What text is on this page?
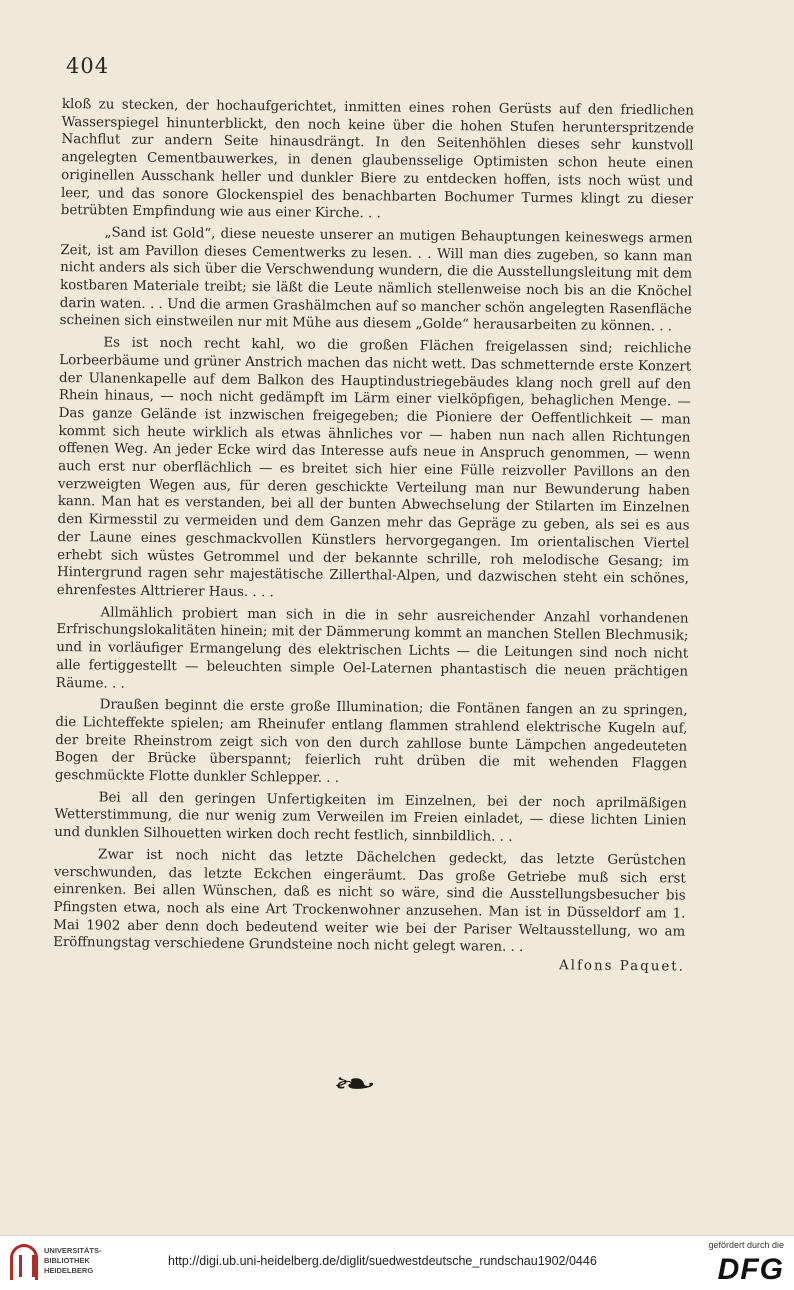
404

kloß zu stecken, der hochaufgerichtet, inmitten eines rohen Gerüsts auf den friedlichen Wasserspiegel hinunterblickt, den noch keine über die hohen Stufen herunterspritzende Nachflut zur andern Seite hinausdrängt. In den Seitenhöhlen dieses sehr kunstvoll angelegten Cementbauwerkes, in denen glaubensselige Optimisten schon heute einen originellen Ausschank heller und dunkler Biere zu entdecken hoffen, ists noch wüst und leer, und das sonore Glockenspiel des benachbarten Bochumer Turmes klingt zu dieser betrübten Empfindung wie aus einer Kirche. . .

„Sand ist Gold“, diese neueste unserer an mutigen Behauptungen keineswegs armen Zeit, ist am Pavillon dieses Cementwerks zu lesen. . . Will man dies zugeben, so kann man nicht anders als sich über die Verschwendung wundern, die die Ausstellungsleitung mit dem kostbaren Materiale treibt; sie läßt die Leute nämlich stellenweise noch bis an die Knöchel darin waten. . . Und die armen Grashälmchen auf so mancher schön angelegten Rasenfläche scheinen sich einstweilen nur mit Mühe aus diesem „Golde“ herausarbeiten zu können. . .

Es ist noch recht kahl, wo die großen Flächen freigelassen sind; reichliche Lorbeerbäume und grüner Anstrich machen das nicht wett. Das schmetternde erste Konzert der Ulanenkapelle auf dem Balkon des Hauptindustriegebäudes klang noch grell auf den Rhein hinaus, — noch nicht gedämpft im Lärm einer vielköpfigen, behaglichen Menge. — Das ganze Gelände ist inzwischen freigegeben; die Pioniere der Oeffentlichkeit — man kommt sich heute wirklich als etwas ähnliches vor — haben nun nach allen Richtungen offenen Weg. An jeder Ecke wird das Interesse aufs neue in Anspruch genommen, — wenn auch erst nur oberflächlich — es breitet sich hier eine Fülle reizvoller Pavillons an den verzweigten Wegen aus, für deren geschickte Verteilung man nur Bewunderung haben kann. Man hat es verstanden, bei all der bunten Abwechselung der Stilarten im Einzelnen den Kirmesstil zu vermeiden und dem Ganzen mehr das Gepräge zu geben, als sei es aus der Laune eines geschmackvollen Künstlers hervorgegangen. Im orientalischen Viertel erhebt sich wüstes Getrommel und der bekannte schrille, roh melodische Gesang; im Hintergrund ragen sehr majestätische Zillerthal-Alpen, und dazwischen steht ein schönes, ehrenfestes Alttrierer Haus. . . .

Allmählich probiert man sich in die in sehr ausreichender Anzahl vorhandenen Erfrischungslokalitäten hinein; mit der Dämmerung kommt an manchen Stellen Blechmusik; und in vorläufiger Ermangelung des elektrischen Lichts — die Leitungen sind noch nicht alle fertiggestellt — beleuchten simple Oel-Laternen phantastisch die neuen prächtigen Räume. . .

Draußen beginnt die erste große Illumination; die Fontänen fangen an zu springen, die Lichteffekte spielen; am Rheinufer entlang flammen strahlend elektrische Kugeln auf, der breite Rheinstrom zeigt sich von den durch zahllose bunte Lämpchen angedeuteten Bogen der Brücke überspannt; feierlich ruht drüben die mit wehenden Flaggen geschmückte Flotte dunkler Schlepper. . .

Bei all den geringen Unfertigkeiten im Einzelnen, bei der noch aprilmäßigen Wetterstimmung, die nur wenig zum Verweilen im Freien einladet, — diese lichten Linien und dunklen Silhouetten wirken doch recht festlich, sinnbildlich. . .

Zwar ist noch nicht das letzte Dächelchen gedeckt, das letzte Gerüstchen verschwunden, das letzte Eckchen eingeräumt. Das große Getriebe muß sich erst einrenken. Bei allen Wünschen, daß es nicht so wäre, sind die Ausstellungsbesucher bis Pfingsten etwa, noch als eine Art Trockenwohner anzusehen. Man ist in Düsseldorf am 1. Mai 1902 aber denn doch bedeutend weiter wie bei der Pariser Weltausstellung, wo am Eröffnungstag verschiedene Grundsteine noch nicht gelegt waren. . .
Alfons Paquet.

❧
UNIVERSITÄTS-BIBLIOTHEK HEIDELBERG
http://digi.ub.uni-heidelberg.de/diglit/suedwestdeutsche_rundschau1902/0446
gefördert durch die
DFG
